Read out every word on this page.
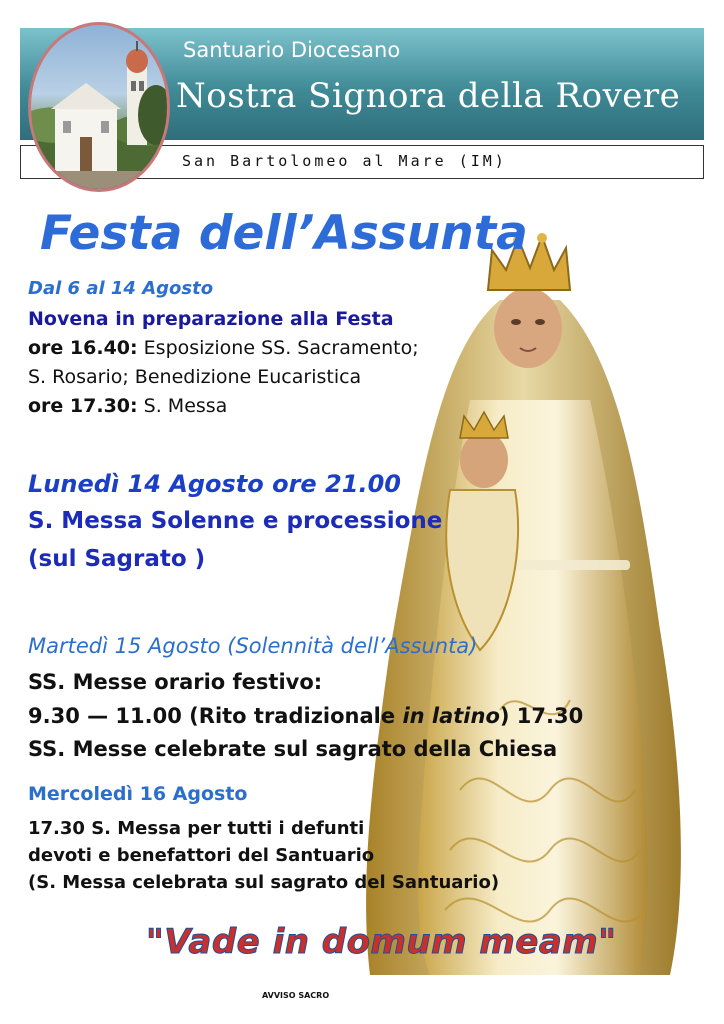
Santuario Diocesano
Nostra Signora della Rovere
San Bartolomeo al Mare (IM)
Festa dell’Assunta
Dal 6 al 14 Agosto
Novena in preparazione alla Festa
ore 16.40: Esposizione SS. Sacramento;
S. Rosario; Benedizione Eucaristica
ore 17.30: S. Messa
Lunedì 14 Agosto ore 21.00
S. Messa Solenne e processione
(sul Sagrato )
Martedì 15 Agosto (Solennità dell’Assunta)
SS. Messe orario festivo:
9.30 — 11.00 (Rito tradizionale in latino) 17.30
SS. Messe celebrate sul sagrato della Chiesa
Mercoledì 16 Agosto
17.30 S. Messa per tutti i defunti
devoti e benefattori del Santuario
(S. Messa celebrata sul sagrato del Santuario)
"Vade in domum meam"
AVVISO SACRO
